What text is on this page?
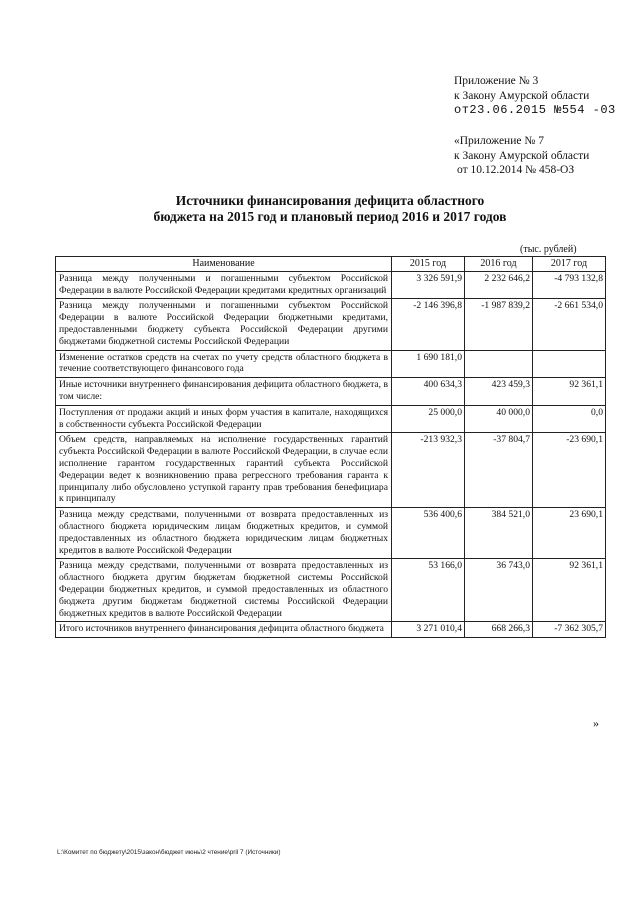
Приложение № 3
к Закону Амурской области
от23.06.2015 №554 -03
«Приложение № 7
к Закону Амурской области
от 10.12.2014 № 458-ОЗ
Источники финансирования дефицита областного
бюджета на 2015 год и плановый период 2016 и 2017 годов
(тыс. рублей)
Наименование	2015 год	2016 год	2017 год
Разница между полученными и погашенными субъектом Российской Федерации в валюте Российской Федерации кредитами кредитных организаций	3 326 591,9	2 232 646,2	-4 793 132,8
Разница между полученными и погашенными субъектом Российской Федерации в валюте Российской Федерации бюджетными кредитами, предоставленными бюджету субъекта Российской Федерации другими бюджетами бюджетной системы Российской Федерации	-2 146 396,8	-1 987 839,2	-2 661 534,0
Изменение остатков средств на счетах по учету средств областного бюджета в течение соответствующего финансового года	1 690 181,0		
Иные источники внутреннего финансирования дефицита областного бюджета, в том числе:	400 634,3	423 459,3	92 361,1
Поступления от продажи акций и иных форм участия в капитале, находящихся в собственности субъекта Российской Федерации	25 000,0	40 000,0	0,0
Объем средств, направляемых на исполнение государственных гарантий субъекта Российской Федерации в валюте Российской Федерации, в случае если исполнение гарантом государственных гарантий субъекта Российской Федерации ведет к возникновению права регрессного требования гаранта к принципалу либо обусловлено уступкой гаранту прав требования бенефициара к принципалу	-213 932,3	-37 804,7	-23 690,1
Разница между средствами, полученными от возврата предоставленных из областного бюджета юридическим лицам бюджетных кредитов, и суммой предоставленных из областного бюджета юридическим лицам бюджетных кредитов в валюте Российской Федерации	536 400,6	384 521,0	23 690,1
Разница между средствами, полученными от возврата предоставленных из областного бюджета другим бюджетам бюджетной системы Российской Федерации бюджетных кредитов, и суммой предоставленных из областного бюджета другим бюджетам бюджетной системы Российской Федерации бюджетных кредитов в валюте Российской Федерации	53 166,0	36 743,0	92 361,1
Итого источников внутреннего финансирования дефицита областного бюджета	3 271 010,4	668 266,3	-7 362 305,7
»
L:\Комитет по бюджету\2015\закон\бюджет июнь\2 чтение\pril 7 (Источники)
